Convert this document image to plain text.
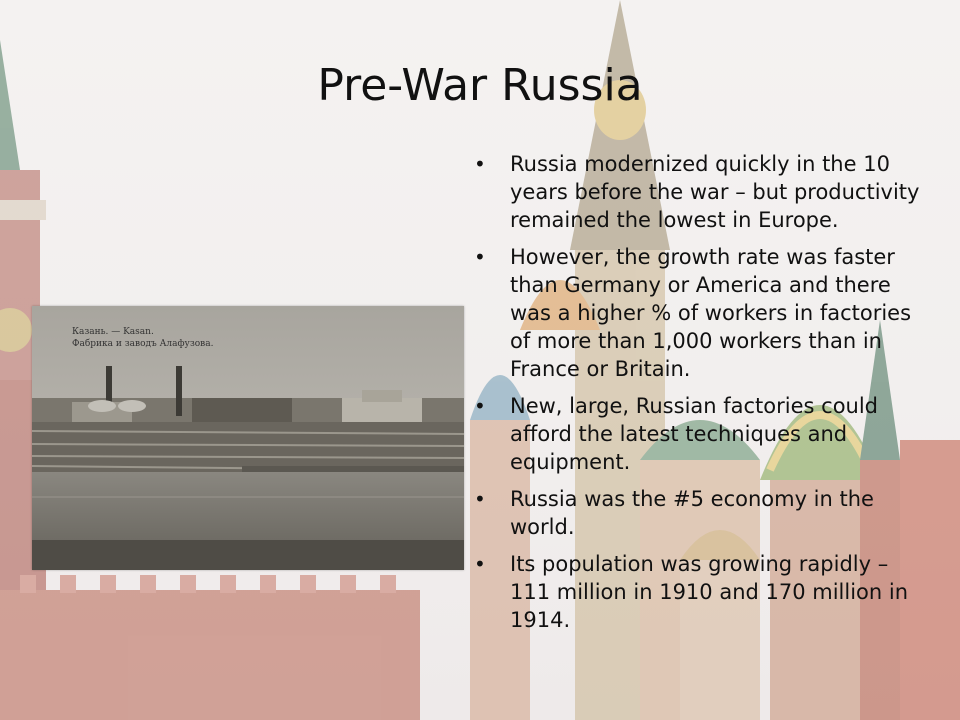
Pre-War Russia
Казань. — Kasan.
Фабрика и заводъ Алафузова.
• Russia modernized quickly in the 10 years before the war – but productivity remained the lowest in Europe.
• However, the growth rate was faster than Germany or America and there was a higher % of workers in factories of more than 1,000 workers than in France or Britain.
• New, large, Russian factories could afford the latest techniques and equipment.
• Russia was the #5 economy in the world.
• Its population was growing rapidly – 111 million in 1910 and 170 million in 1914.
